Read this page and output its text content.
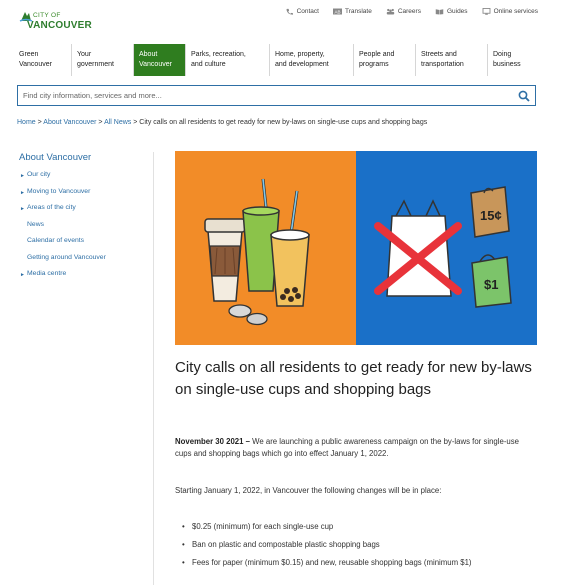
CITY OF
VANCOUVER
Contact	AB Translate	Careers	Guides	Online services
Green
Vancouver
Your
government
About
Vancouver
Parks, recreation,
and culture
Home, property,
and development
People and
programs
Streets and
transportation
Doing
business
Find city information, services and more...
Home > About Vancouver > All News > City calls on all residents to get ready for new by-laws on single-use cups and shopping bags
About Vancouver
► Our city
► Moving to Vancouver
► Areas of the city
News
Calendar of events
Getting around Vancouver
► Media centre
15¢
$1
City calls on all residents to get ready for new by-laws on single-use cups and shopping bags

November 30 2021 – We are launching a public awareness campaign on the by-laws for single-use cups and shopping bags which go into effect January 1, 2022.

Starting January 1, 2022, in Vancouver the following changes will be in place:

• $0.25 (minimum) for each single-use cup
• Ban on plastic and compostable plastic shopping bags
• Fees for paper (minimum $0.15) and new, reusable shopping bags (minimum $1)
